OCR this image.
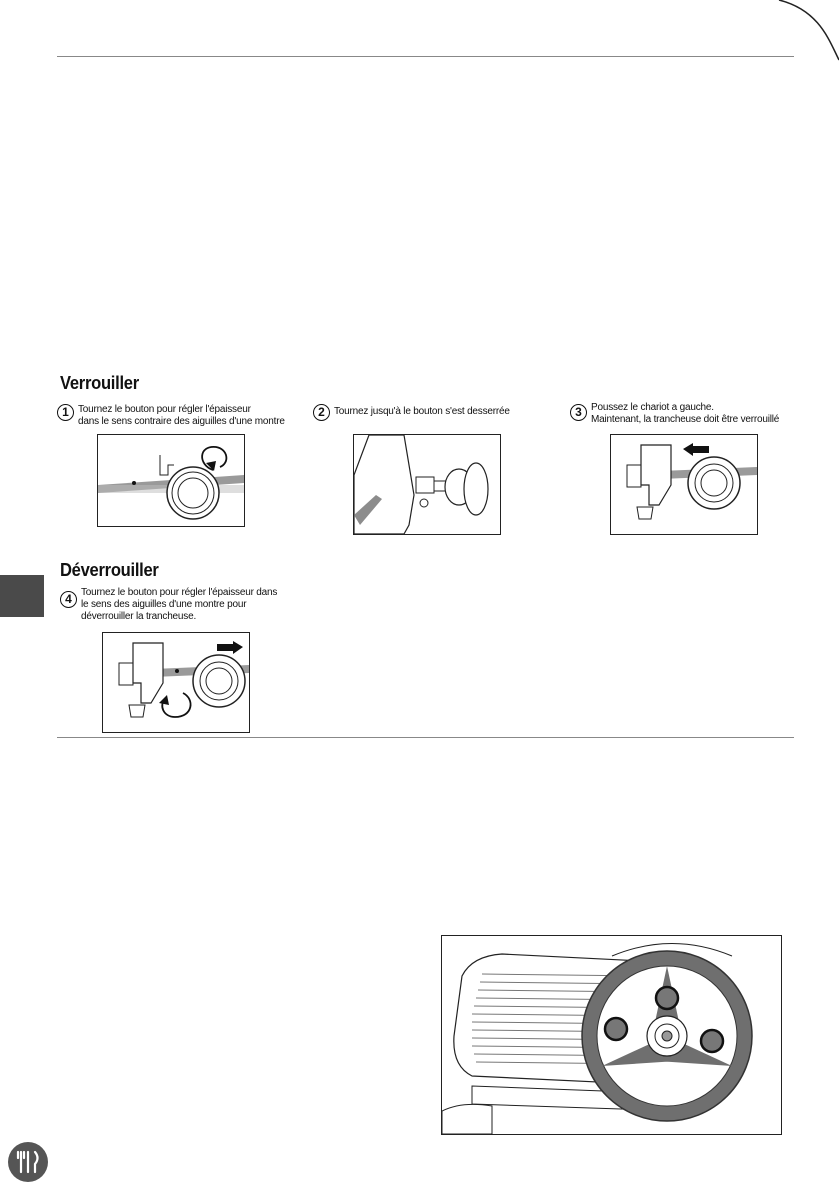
Verrouiller
1 Tournez le bouton pour régler l'épaisseur
dans le sens contraire des aiguilles d'une montre
2 Tournez jusqu'à le bouton s'est desserrée	3 Poussez le chariot a gauche.
Maintenant, la trancheuse doit être verrouillé
Déverrouiller
4 Tournez le bouton pour régler l'épaisseur dans
le sens des aiguilles d'une montre pour
déverrouiller la trancheuse.
